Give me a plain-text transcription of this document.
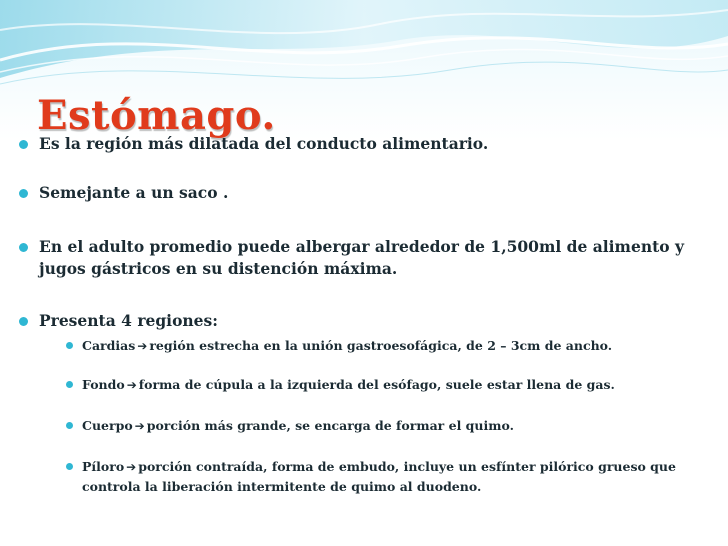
Estómago.
Es la región más dilatada del conducto alimentario.
Semejante a un saco .
En el adulto promedio puede albergar alrededor de 1,500ml de alimento y
jugos gástricos en su distención máxima.
Presenta 4 regiones:
Cardias ➔ región estrecha en la unión gastroesofágica, de 2 – 3cm de ancho.
Fondo ➔ forma de cúpula a la izquierda del esófago, suele estar llena de gas.
Cuerpo ➔ porción más grande, se encarga de formar el quimo.
Píloro ➔ porción contraída, forma de embudo, incluye un esfínter pilórico grueso que
controla la liberación intermitente de quimo al duodeno.
